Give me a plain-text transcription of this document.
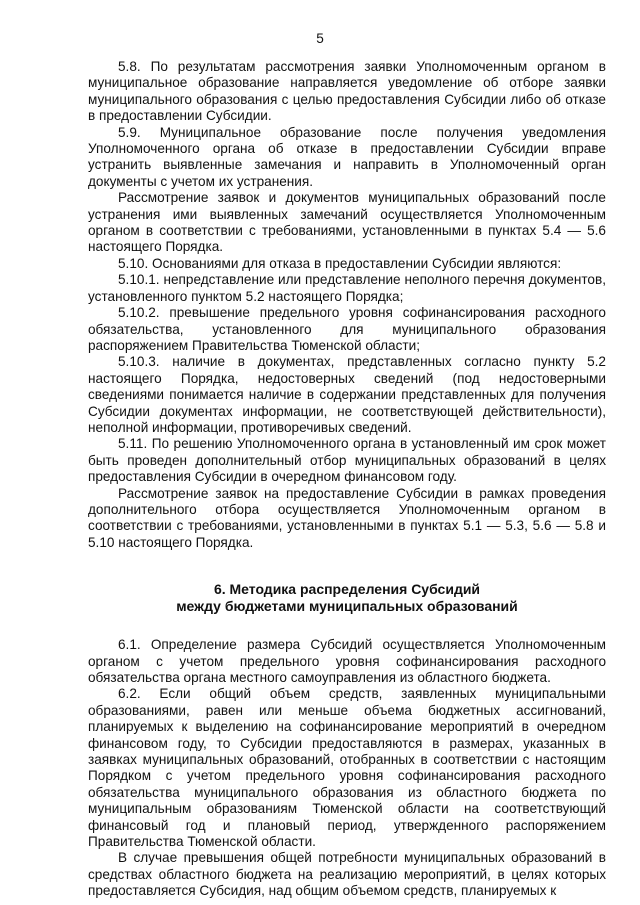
5

5.8. По результатам рассмотрения заявки Уполномоченным органом в муниципальное образование направляется уведомление об отборе заявки муниципального образования с целью предоставления Субсидии либо об отказе в предоставлении Субсидии.

5.9. Муниципальное образование после получения уведомления Уполномоченного органа об отказе в предоставлении Субсидии вправе устранить выявленные замечания и направить в Уполномоченный орган документы с учетом их устранения.

Рассмотрение заявок и документов муниципальных образований после устранения ими выявленных замечаний осуществляется Уполномоченным органом в соответствии с требованиями, установленными в пунктах 5.4 — 5.6 настоящего Порядка.

5.10. Основаниями для отказа в предоставлении Субсидии являются:

5.10.1. непредставление или представление неполного перечня документов, установленного пунктом 5.2 настоящего Порядка;

5.10.2. превышение предельного уровня софинансирования расходного обязательства, установленного для муниципального образования распоряжением Правительства Тюменской области;

5.10.3. наличие в документах, представленных согласно пункту 5.2 настоящего Порядка, недостоверных сведений (под недостоверными сведениями понимается наличие в содержании представленных для получения Субсидии документах информации, не соответствующей действительности), неполной информации, противоречивых сведений.

5.11. По решению Уполномоченного органа в установленный им срок может быть проведен дополнительный отбор муниципальных образований в целях предоставления Субсидии в очередном финансовом году.

Рассмотрение заявок на предоставление Субсидии в рамках проведения дополнительного отбора осуществляется Уполномоченным органом в соответствии с требованиями, установленными в пунктах 5.1 — 5.3, 5.6 — 5.8 и 5.10 настоящего Порядка.

6. Методика распределения Субсидий
между бюджетами муниципальных образований

6.1. Определение размера Субсидий осуществляется Уполномоченным органом с учетом предельного уровня софинансирования расходного обязательства органа местного самоуправления из областного бюджета.

6.2. Если общий объем средств, заявленных муниципальными образованиями, равен или меньше объема бюджетных ассигнований, планируемых к выделению на софинансирование мероприятий в очередном финансовом году, то Субсидии предоставляются в размерах, указанных в заявках муниципальных образований, отобранных в соответствии с настоящим Порядком с учетом предельного уровня софинансирования расходного обязательства муниципального образования из областного бюджета по муниципальным образованиям Тюменской области на соответствующий финансовый год и плановый период, утвержденного распоряжением Правительства Тюменской области.

В случае превышения общей потребности муниципальных образований в средствах областного бюджета на реализацию мероприятий, в целях которых предоставляется Субсидия, над общим объемом средств, планируемых к
